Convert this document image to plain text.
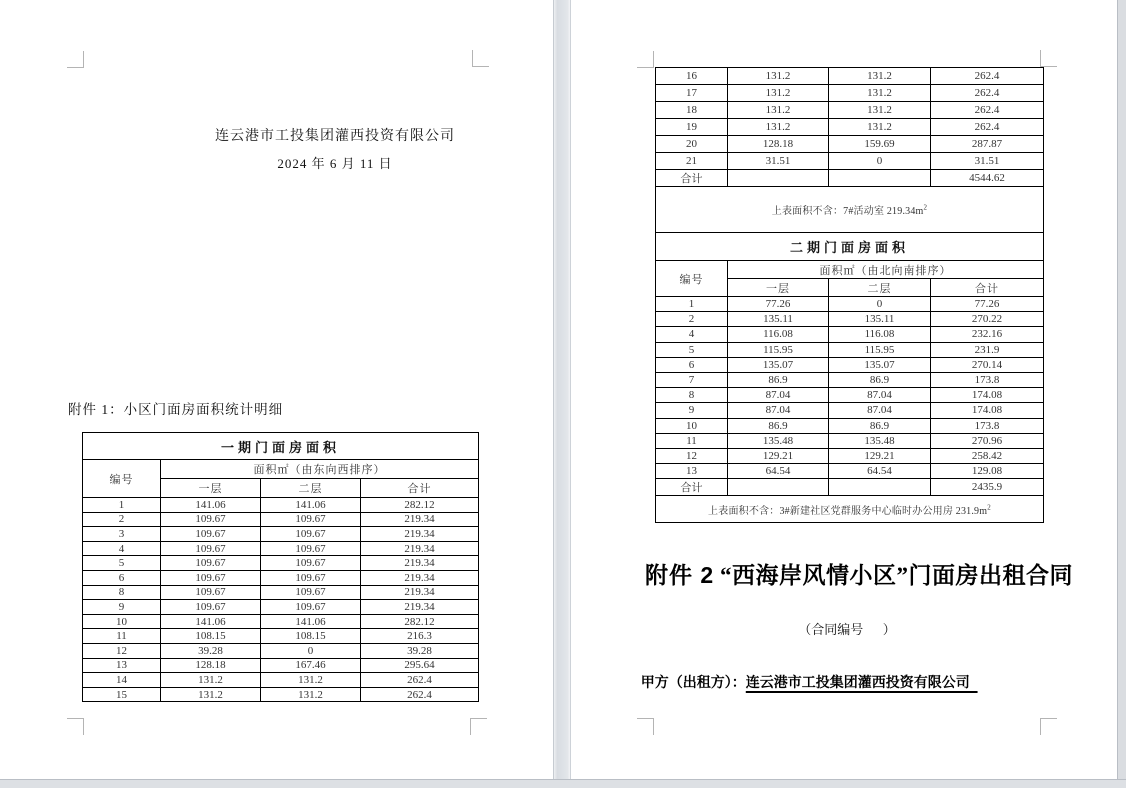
连云港市工投集团灌西投资有限公司
2024 年 6 月 11 日
附件 1：小区门面房面积统计明细
一期门面房面积			
编号	面积㎡（由东向西排序）		
	一层	二层	合计
1	141.06	141.06	282.12
2	109.67	109.67	219.34
3	109.67	109.67	219.34
4	109.67	109.67	219.34
5	109.67	109.67	219.34
6	109.67	109.67	219.34
8	109.67	109.67	219.34
9	109.67	109.67	219.34
10	141.06	141.06	282.12
11	108.15	108.15	216.3
12	39.28	0	39.28
13	128.18	167.46	295.64
14	131.2	131.2	262.4
15	131.2	131.2	262.4
16	131.2	131.2	262.4
17	131.2	131.2	262.4
18	131.2	131.2	262.4
19	131.2	131.2	262.4
20	128.18	159.69	287.87
21	31.51	0	31.51
合计			4544.62
上表面积不含：7#活动室 $219.34m^2$
二期门面房面积			
编号	面积㎡（由北向南排序）		
	一层	二层	合计
1	77.26	0	77.26
2	135.11	135.11	270.22
4	116.08	116.08	232.16
5	115.95	115.95	231.9
6	135.07	135.07	270.14
7	86.9	86.9	173.8
8	87.04	87.04	174.08
9	87.04	87.04	174.08
10	86.9	86.9	173.8
11	135.48	135.48	270.96
12	129.21	129.21	258.42
13	64.54	64.54	129.08
合计			2435.9
上表面积不含：3#新建社区党群服务中心临时办公用房 $231.9m^2$
附件 2 “西海岸风情小区”门面房出租合同
（合同编号      ）

甲方（出租方）：连云港市工投集团灌西投资有限公司
